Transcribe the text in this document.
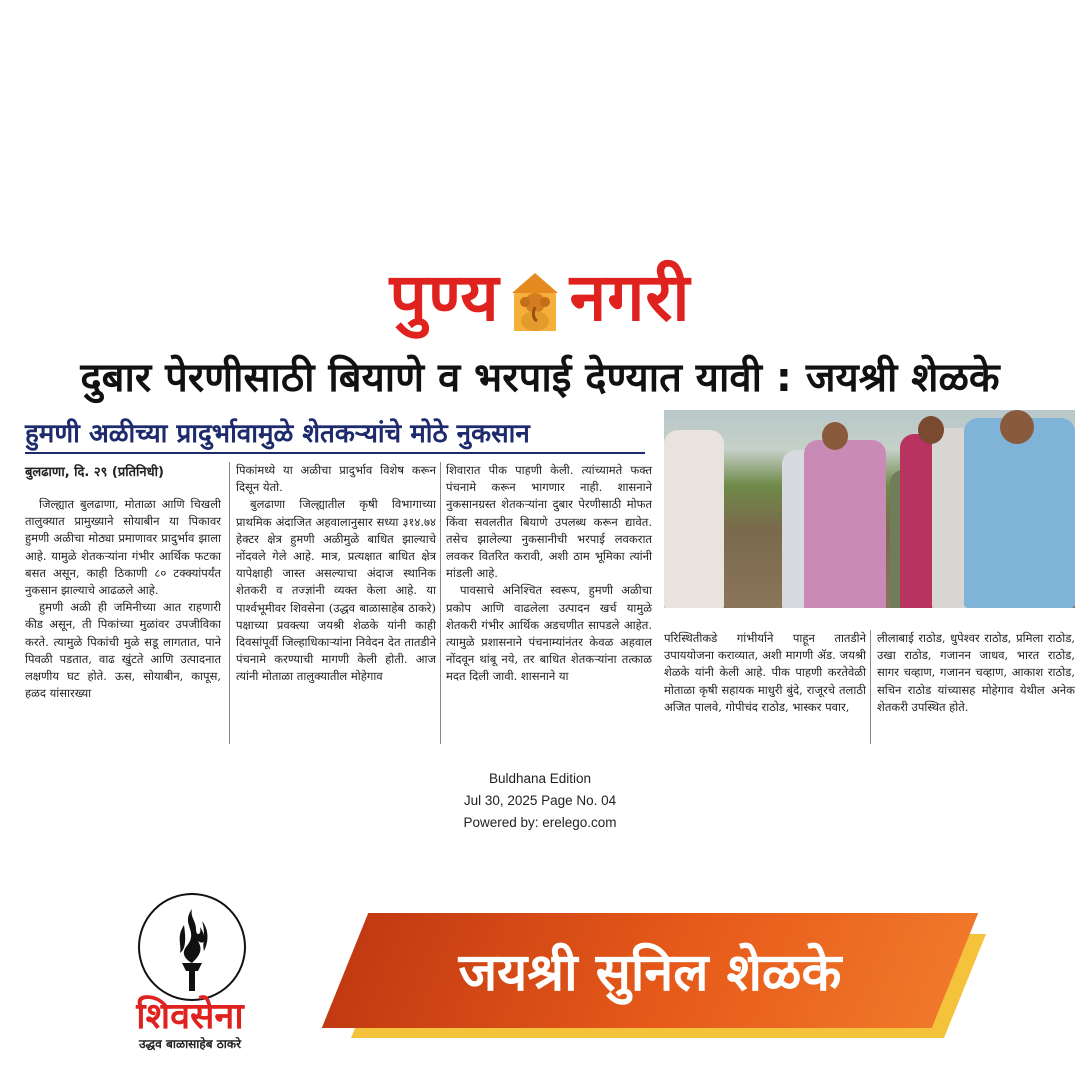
पुण्य नगरी
दुबार पेरणीसाठी बियाणे व भरपाई देण्यात यावी : जयश्री शेळके
हुमणी अळीच्या प्रादुर्भावामुळे शेतकऱ्यांचे मोठे नुकसान
बुलढाणा, दि. २९ (प्रतिनिधी)

जिल्ह्यात बुलढाणा, मोताळा आणि चिखली तालुक्यात प्रामुख्याने सोयाबीन या पिकावर हुमणी अळीचा मोठ्या प्रमाणावर प्रादुर्भाव झाला आहे. यामुळे शेतकऱ्यांना गंभीर आर्थिक फटका बसत असून, काही ठिकाणी ८० टक्क्यांपर्यंत नुकसान झाल्याचे आढळले आहे.

हुमणी अळी ही जमिनीच्या आत राहणारी कीड असून, ती पिकांच्या मुळांवर उपजीविका करते. त्यामुळे पिकांची मुळे सडू लागतात, पाने पिवळी पडतात, वाढ खुंटते आणि उत्पादनात लक्षणीय घट होते. ऊस, सोयाबीन, कापूस, हळद यांसारख्या

पिकांमध्ये या अळीचा प्रादुर्भाव विशेष करून दिसून येतो.

बुलढाणा जिल्ह्यातील कृषी विभागाच्या प्राथमिक अंदाजित अहवालानुसार सध्या ३१४.७४ हेक्टर क्षेत्र हुमणी अळीमुळे बाधित झाल्याचे नोंदवले गेले आहे. मात्र, प्रत्यक्षात बाधित क्षेत्र यापेक्षाही जास्त असल्याचा अंदाज स्थानिक शेतकरी व तज्ज्ञांनी व्यक्त केला आहे. या पार्श्वभूमीवर शिवसेना (उद्धव बाळासाहेब ठाकरे) पक्षाच्या प्रवक्त्या जयश्री शेळके यांनी काही दिवसांपूर्वी जिल्हाधिकाऱ्यांना निवेदन देत तातडीने पंचनामे करण्याची मागणी केली होती. आज त्यांनी मोताळा तालुक्यातील मोहेगाव

शिवारात पीक पाहणी केली. त्यांच्यामते फक्त पंचनामे करून भागणार नाही. शासनाने नुकसानग्रस्त शेतकऱ्यांना दुबार पेरणीसाठी मोफत किंवा सवलतीत बियाणे उपलब्ध करून द्यावेत. तसेच झालेल्या नुकसानीची भरपाई लवकरात लवकर वितरित करावी, अशी ठाम भूमिका त्यांनी मांडली आहे.

पावसाचे अनिश्चित स्वरूप, हुमणी अळीचा प्रकोप आणि वाढलेला उत्पादन खर्च यामुळे शेतकरी गंभीर आर्थिक अडचणीत सापडले आहेत. त्यामुळे प्रशासनाने पंचनाम्यांनंतर केवळ अहवाल नोंदवून थांबू नये, तर बाधित शेतकऱ्यांना तत्काळ मदत दिली जावी. शासनाने या

परिस्थितीकडे गांभीर्याने पाहून तातडीने उपाययोजना कराव्यात, अशी मागणी ॲड. जयश्री शेळके यांनी केली आहे. पीक पाहणी करतेवेळी मोताळा कृषी सहायक माधुरी बुंदे, राजूरचे तलाठी अजित पालवे, गोपीचंद राठोड, भास्कर पवार,

लीलाबाई राठोड, धुपेश्वर राठोड, प्रमिला राठोड, उखा राठोड, गजानन जाधव, भारत राठोड, सागर चव्हाण, गजानन चव्हाण, आकाश राठोड, सचिन राठोड यांच्यासह मोहेगाव येथील अनेक शेतकरी उपस्थित होते.

Buldhana Edition
Jul 30, 2025 Page No. 04
Powered by: erelego.com
जयश्री सुनिल शेळके
शिवसेना
उद्धव बाळासाहेब ठाकरे
